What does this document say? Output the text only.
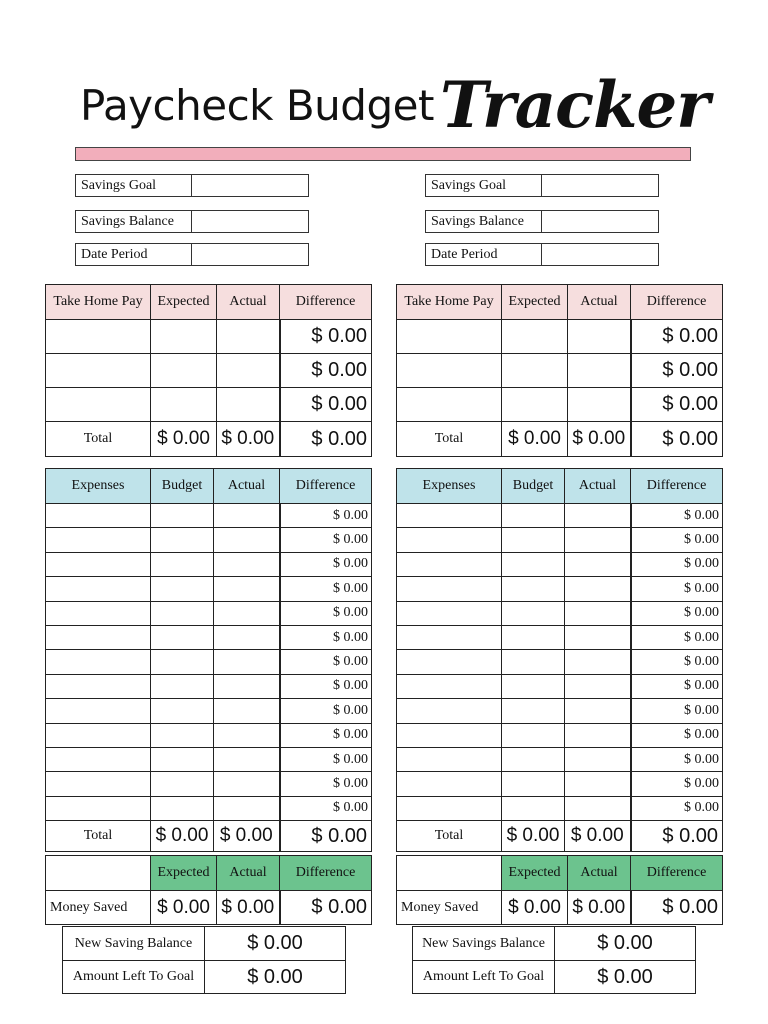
Paycheck Budget Tracker
Savings Goal
Savings Balance
Date Period
Savings Goal
Savings Balance
Date Period
Take Home Pay	Expected	Actual	Difference
			$ 0.00
			$ 0.00
			$ 0.00
Total	$ 0.00	$ 0.00	$ 0.00
Take Home Pay	Expected	Actual	Difference
			$ 0.00
			$ 0.00
			$ 0.00
Total	$ 0.00	$ 0.00	$ 0.00
Expenses	Budget	Actual	Difference
			$ 0.00
			$ 0.00
			$ 0.00
			$ 0.00
			$ 0.00
			$ 0.00
			$ 0.00
			$ 0.00
			$ 0.00
			$ 0.00
			$ 0.00
			$ 0.00
			$ 0.00
Total	$ 0.00	$ 0.00	$ 0.00
Expenses	Budget	Actual	Difference
			$ 0.00
			$ 0.00
			$ 0.00
			$ 0.00
			$ 0.00
			$ 0.00
			$ 0.00
			$ 0.00
			$ 0.00
			$ 0.00
			$ 0.00
			$ 0.00
			$ 0.00
Total	$ 0.00	$ 0.00	$ 0.00
	Expected	Actual	Difference
Money Saved	$ 0.00	$ 0.00	$ 0.00
	Expected	Actual	Difference
Money Saved	$ 0.00	$ 0.00	$ 0.00
New Saving Balance	$ 0.00
Amount Left To Goal	$ 0.00
New Savings Balance	$ 0.00
Amount Left To Goal	$ 0.00
